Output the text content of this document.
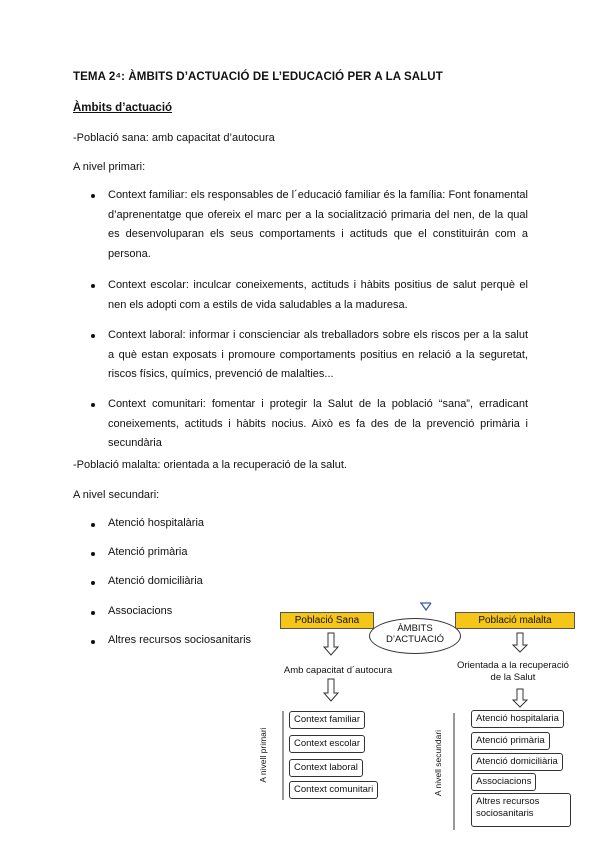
TEMA 2⁴: ÀMBITS D’ACTUACIÓ DE L’EDUCACIÓ PER A LA SALUT
Àmbits d’actuació
-Població sana: amb capacitat d’autocura
A nivel primari:
Context familiar: els responsables de l´educació familiar és la família: Font fonamental d’aprenentatge que ofereix el marc per a la socialització primaria del nen, de la qual es desenvoluparan els seus comportaments i actituds que el constituirán com a persona.
Context escolar: inculcar coneixements, actituds i hàbits positius de salut perquè el nen els adopti com a estils de vida saludables a la maduresa.
Context laboral: informar i conscienciar als treballadors sobre els riscos per a la salut a què estan exposats i promoure comportaments positius en relació a la seguretat, riscos físics, químics, prevenció de malalties...
Context comunitari: fomentar i protegir la Salut de la població “sana”, erradicant coneixements, actituds i hàbits nocius. Això es fa des de la prevenció primària i secundària
-Població malalta: orientada a la recuperació de la salut.
A nivel secundari:
Atenció hospitalària
Atenció primària
Atenció domiciliària
Associacions
Altres recursos sociosanitaris
Població Sana	Població malalta
ÀMBITS
D’ACTUACIÓ
Amb capacitat d´autocura	Orientada a la recuperació
de la Salut
A nivell primari	A nivell secundari
Context familiar
Context escolar
Context laboral
Context comunitari
Atenció hospitalaria
Atenció primària
Atenció domiciliària
Associacions
Altres recursos
sociosanitaris
